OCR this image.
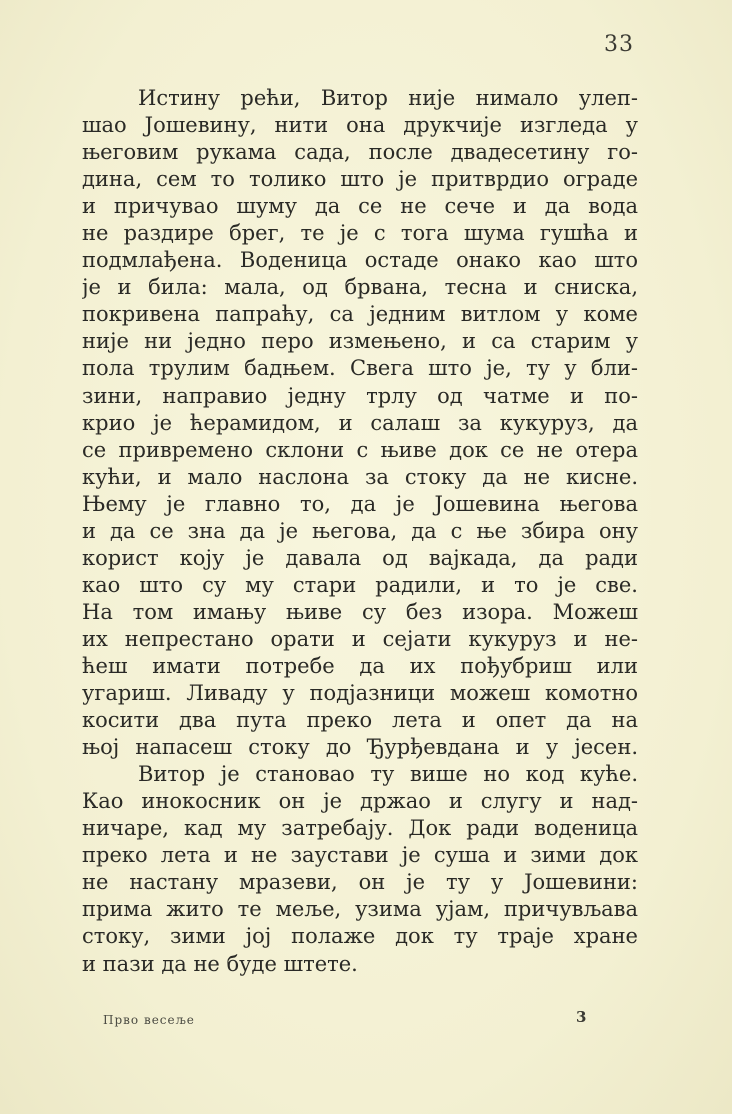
33
Истину рећи, Витор није нимало улеп-
шао Јошевину, нити она друкчије изгледа у
његовим рукама сада, после двадесетину го-
дина, сем то толико што је притврдио ограде
и пpичувао шуму да се не сече и да вода
не раздире брег, те је с тога шума гушћа и
подмлађена. Воденица остаде онако као што
је и била: мала, од брвана, тесна и сниска,
покривена папраћу, са једним витлом у коме
није ни једно перо измењено, и са старим у
пола трулим бадњем. Свега што је, ту у бли-
зини, направио једну трлу од чатме и по-
крио је ћерамидом, и салаш за кукуруз, да
се привремено склони с њиве док се не отера
кући, и мало наслона за стоку да не кисне.
Њему је главно то, да је Јошевина његова
и да се зна да је његова, да с ње збира ону
корист коју је давала од вајкада, да ради
као што су му стари радили, и то је све.
На том имању њиве су без изора. Можеш
их непрестано орати и сејати кукуруз и не-
ћеш имати потребе да их пођубриш или
угариш. Ливаду у подјазници можеш комотно
косити два пута преко лета и опет да на
њој напасеш стоку до Ђурђевдана и у јесен.
Витор је становао ту више но код куће.
Као инокосник он је држао и слугу и над-
ничаре, кад му затребају. Док ради воденица
преко лета и не заустави је суша и зими док
не настану мразеви, он је ту у Јошевини:
прима жито те меље, узима ујам, причувљава
стоку, зими јој полаже док ту траје хране
и пази да не буде штете.
Прво весеље	3
